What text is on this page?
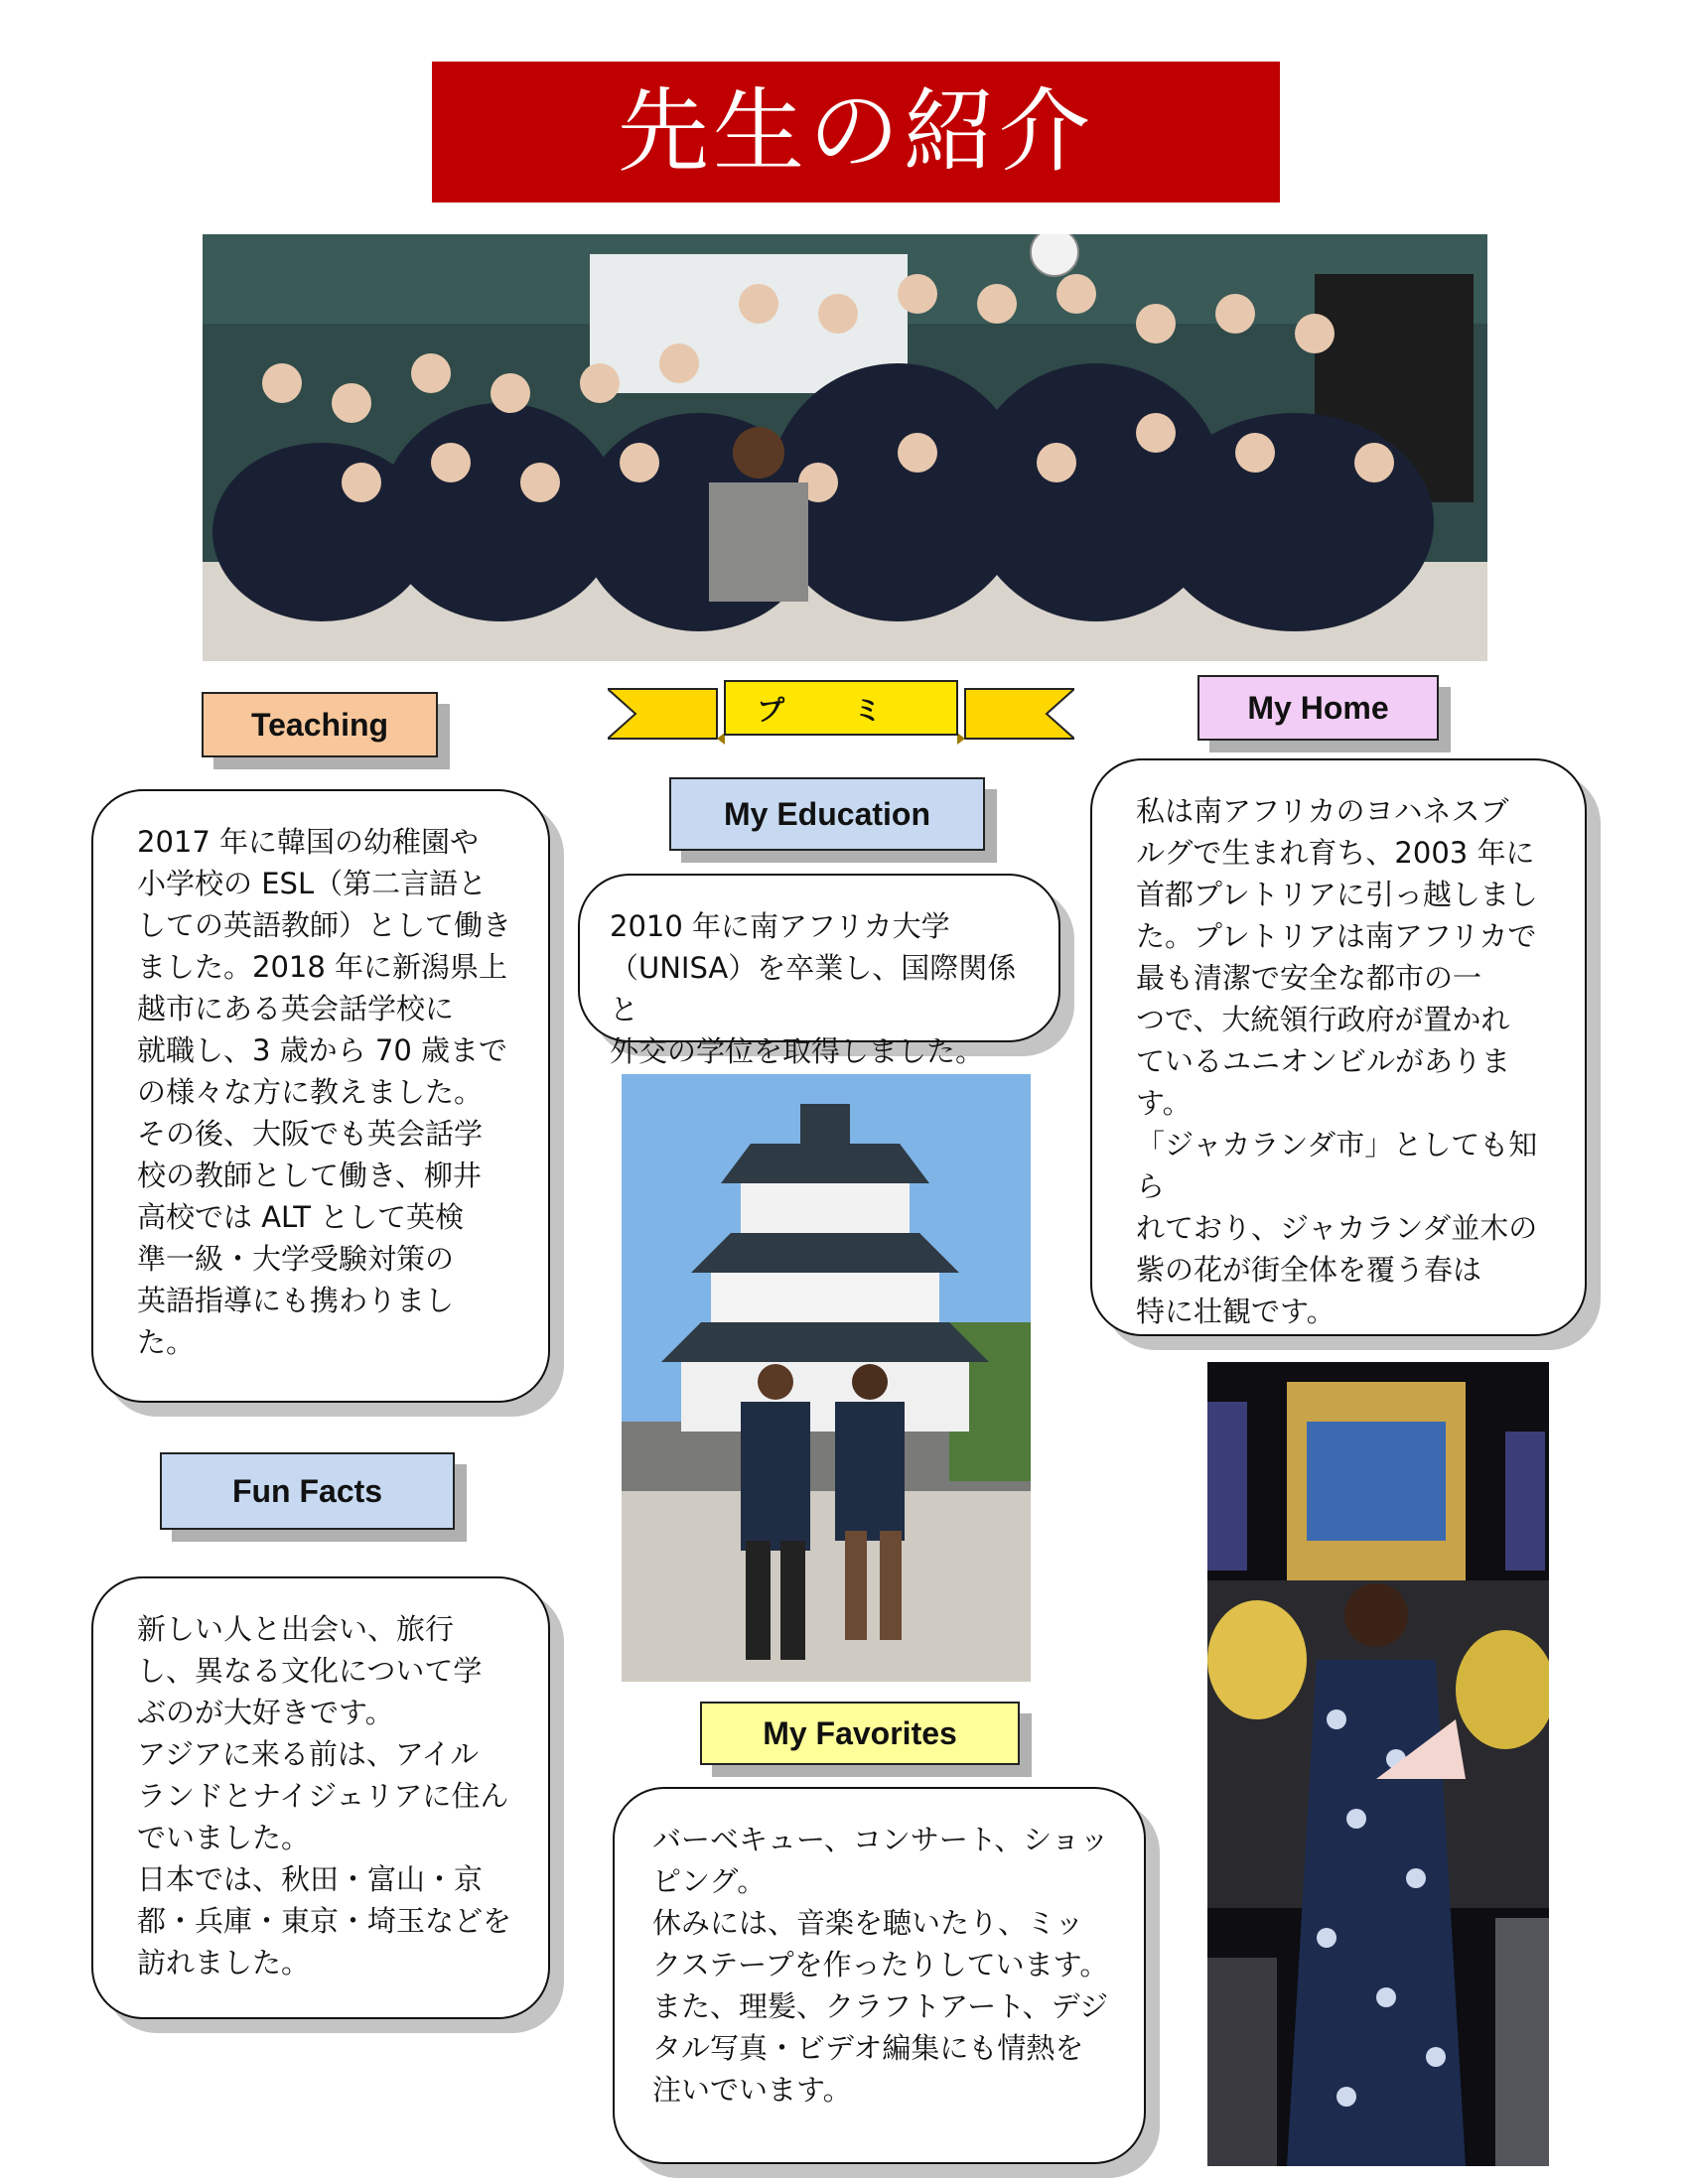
先生の紹介
プ ミ
Teaching
2017 年に韓国の幼稚園や
小学校の ESL（第二言語と
しての英語教師）として働き
ました。2018 年に新潟県上
越市にある英会話学校に
就職し、3 歳から 70 歳まで
の様々な方に教えました。
その後、大阪でも英会話学
校の教師として働き、柳井
高校では ALT として英検
準一級・大学受験対策の
英語指導にも携わりまし
た。
Fun Facts
新しい人と出会い、旅行
し、異なる文化について学
ぶのが大好きです。
アジアに来る前は、アイル
ランドとナイジェリアに住ん
でいました。
日本では、秋田・富山・京
都・兵庫・東京・埼玉などを
訪れました。
My Education
2010 年に南アフリカ大学
（UNISA）を卒業し、国際関係と
外交の学位を取得しました。
My Favorites
バーベキュー、コンサート、ショッ
ピング。
休みには、音楽を聴いたり、ミッ
クステープを作ったりしています。
また、理髪、クラフトアート、デジ
タル写真・ビデオ編集にも情熱を
注いでいます。
My Home
私は南アフリカのヨハネスブ
ルグで生まれ育ち、2003 年に
首都プレトリアに引っ越しまし
た。プレトリアは南アフリカで
最も清潔で安全な都市の一
つで、大統領行政府が置かれ
ているユニオンビルがありま
す。
「ジャカランダ市」としても知ら
れており、ジャカランダ並木の
紫の花が街全体を覆う春は
特に壮観です。
